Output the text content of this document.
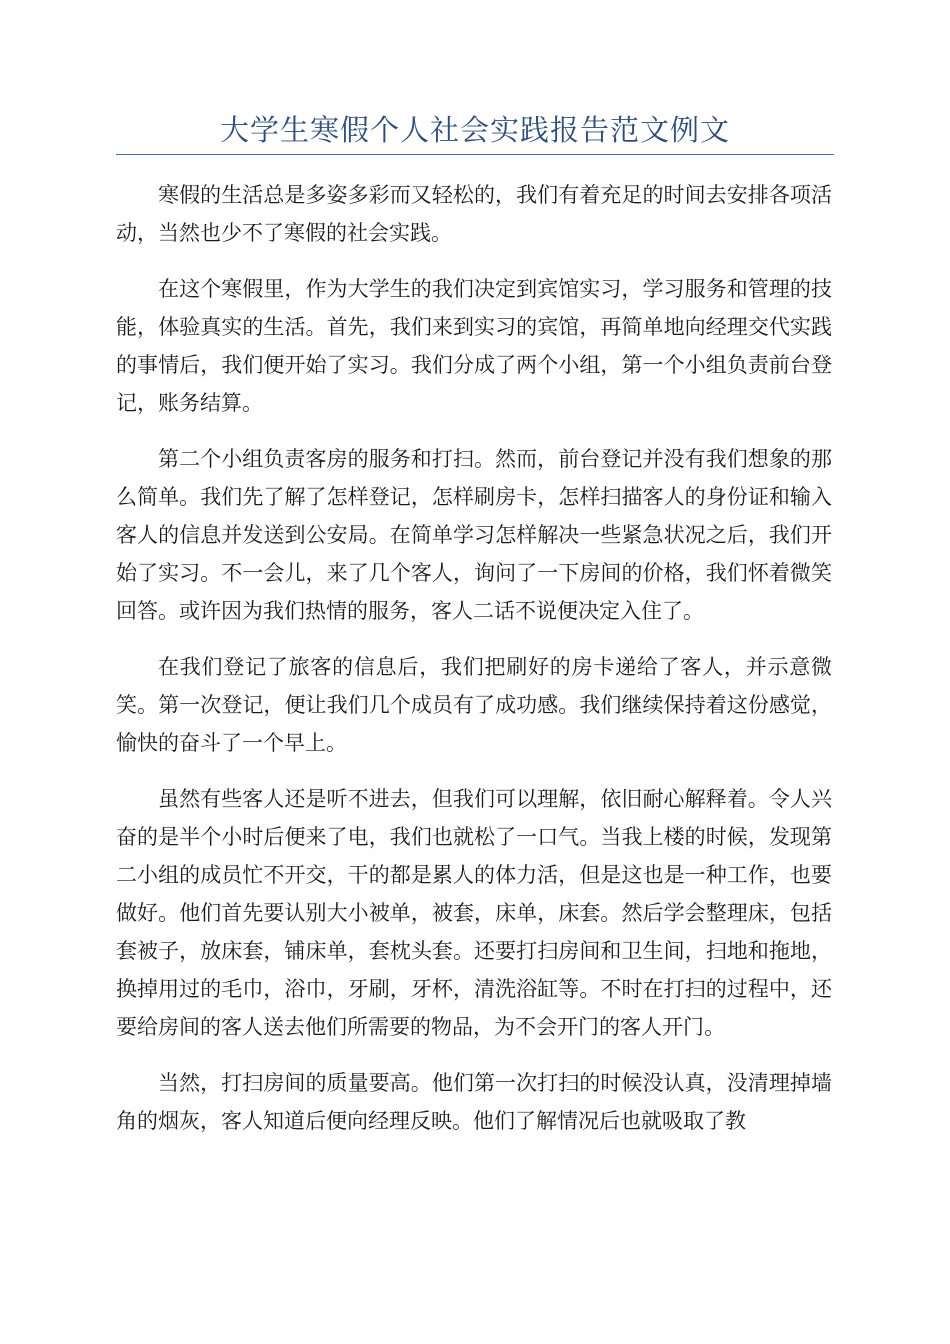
大学生寒假个人社会实践报告范文例文

寒假的生活总是多姿多彩而又轻松的，我们有着充足的时间去安排各项活动，当然也少不了寒假的社会实践。

在这个寒假里，作为大学生的我们决定到宾馆实习，学习服务和管理的技能，体验真实的生活。首先，我们来到实习的宾馆，再简单地向经理交代实践的事情后，我们便开始了实习。我们分成了两个小组，第一个小组负责前台登记，账务结算。

第二个小组负责客房的服务和打扫。然而，前台登记并没有我们想象的那么简单。我们先了解了怎样登记，怎样刷房卡，怎样扫描客人的身份证和输入客人的信息并发送到公安局。在简单学习怎样解决一些紧急状况之后，我们开始了实习。不一会儿，来了几个客人，询问了一下房间的价格，我们怀着微笑回答。或许因为我们热情的服务，客人二话不说便决定入住了。

在我们登记了旅客的信息后，我们把刷好的房卡递给了客人，并示意微笑。第一次登记，便让我们几个成员有了成功感。我们继续保持着这份感觉，愉快的奋斗了一个早上。

虽然有些客人还是听不进去，但我们可以理解，依旧耐心解释着。令人兴奋的是半个小时后便来了电，我们也就松了一口气。当我上楼的时候，发现第二小组的成员忙不开交，干的都是累人的体力活，但是这也是一种工作，也要做好。他们首先要认别大小被单，被套，床单，床套。然后学会整理床，包括套被子，放床套，铺床单，套枕头套。还要打扫房间和卫生间，扫地和拖地，换掉用过的毛巾，浴巾，牙刷，牙杯，清洗浴缸等。不时在打扫的过程中，还要给房间的客人送去他们所需要的物品，为不会开门的客人开门。

当然，打扫房间的质量要高。他们第一次打扫的时候没认真，没清理掉墙角的烟灰，客人知道后便向经理反映。他们了解情况后也就吸取了教
